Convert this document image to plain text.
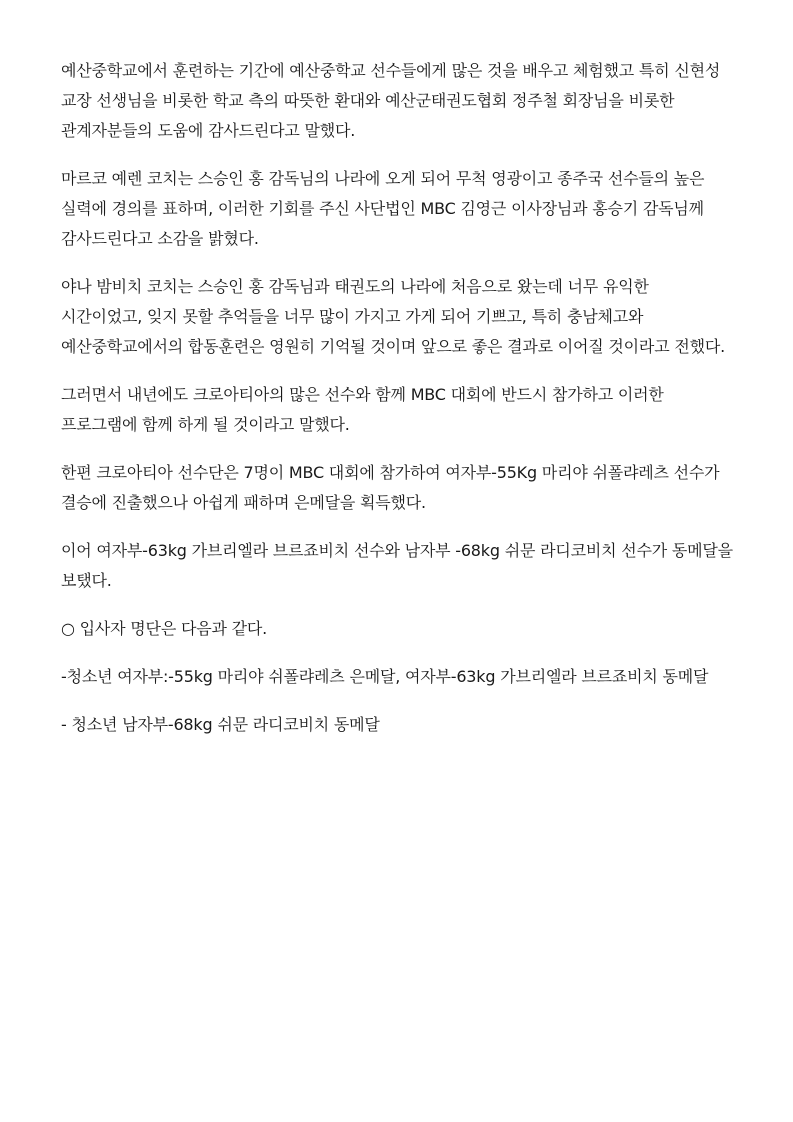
예산중학교에서 훈련하는 기간에 예산중학교 선수들에게 많은 것을 배우고 체험했고 특히 신현성 교장 선생님을 비롯한 학교 측의 따뜻한 환대와 예산군태권도협회 정주철 회장님을 비롯한 관계자분들의 도움에 감사드린다고 말했다.

마르코 예렌 코치는 스승인 홍 감독님의 나라에 오게 되어 무척 영광이고 종주국 선수들의 높은 실력에 경의를 표하며, 이러한 기회를 주신 사단법인 MBC 김영근 이사장님과 홍승기 감독님께 감사드린다고 소감을 밝혔다.

야나 밤비치 코치는 스승인 홍 감독님과 태권도의 나라에 처음으로 왔는데 너무 유익한 시간이었고, 잊지 못할 추억들을 너무 많이 가지고 가게 되어 기쁘고, 특히 충남체고와 예산중학교에서의 합동훈련은 영원히 기억될 것이며 앞으로 좋은 결과로 이어질 것이라고 전했다.

그러면서 내년에도 크로아티아의 많은 선수와 함께 MBC 대회에 반드시 참가하고 이러한 프로그램에 함께 하게 될 것이라고 말했다.

한편 크로아티아 선수단은 7명이 MBC 대회에 참가하여 여자부-55Kg 마리야 쉬폴랴레츠 선수가 결승에 진출했으나 아쉽게 패하며 은메달을 획득했다.

이어 여자부-63kg 가브리엘라 브르죠비치 선수와 남자부 -68kg 쉬문 라디코비치 선수가 동메달을 보탰다.

○ 입사자 명단은 다음과 같다.

-청소년 여자부:-55kg 마리야 쉬폴랴레츠 은메달, 여자부-63kg 가브리엘라 브르죠비치 동메달

- 청소년 남자부-68kg 쉬문 라디코비치 동메달
